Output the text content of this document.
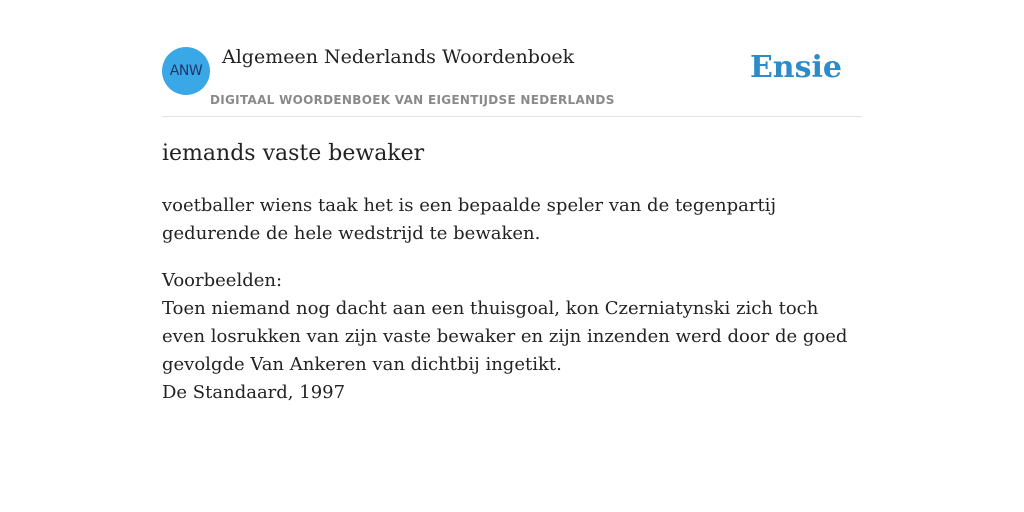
ANW
Algemeen Nederlands Woordenboek
DIGITAAL WOORDENBOEK VAN EIGENTIJDSE NEDERLANDS
Ensie
iemands vaste bewaker

voetballer wiens taak het is een bepaalde speler van de tegenpartij gedurende de hele wedstrijd te bewaken.

Voorbeelden:
Toen niemand nog dacht aan een thuisgoal, kon Czerniatynski zich toch even losrukken van zijn vaste bewaker en zijn inzenden werd door de goed gevolgde Van Ankeren van dichtbij ingetikt.
De Standaard, 1997
